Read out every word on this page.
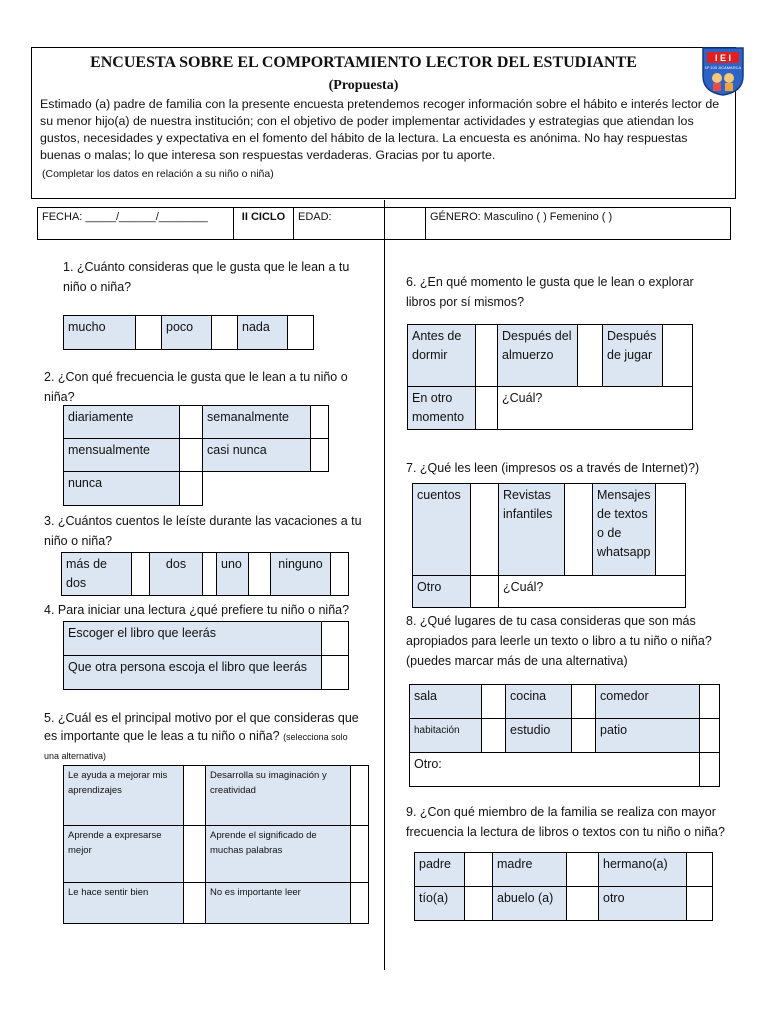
ENCUESTA SOBRE EL COMPORTAMIENTO LECTOR DEL ESTUDIANTE
(Propuesta)
Estimado (a) padre de familia con la presente encuesta pretendemos recoger información sobre el hábito e interés lector de su menor hijo(a) de nuestra institución; con el objetivo de poder implementar actividades y estrategias que atiendan los gustos, necesidades y expectativa en el fomento del hábito de la lectura. La encuesta es anónima. No hay respuestas buenas o malas; lo que interesa son respuestas verdaderas. Gracias por tu aporte.
(Completar los datos en relación a su niño o niña)
I E I
Nº 100 JICAMARCA
FECHA: _____/______/________	II CICLO	EDAD:	GÉNERO: Masculino ( ) Femenino ( )
1. ¿Cuánto consideras que le gusta que le lean a tu niño o niña?
mucho		poco		nada	
2. ¿Con qué frecuencia le gusta que le lean a tu niño o niña?
diariamente		semanalmente	
mensualmente		casi nunca	
nunca			
3. ¿Cuántos cuentos le leíste durante las vacaciones a tu niño o niña?
más de dos		dos		uno		ninguno	
4. Para iniciar una lectura ¿qué prefiere tu niño o niña?
Escoger el libro que leerás	
Que otra persona escoja el libro que leerás	
5. ¿Cuál es el principal motivo por el que consideras que es importante que le leas a tu niño o niña? (selecciona solo una alternativa)
Le ayuda a mejorar mis aprendizajes		Desarrolla su imaginación y creatividad	
Aprende a expresarse mejor		Aprende el significado de muchas palabras	
Le hace sentir bien		No es importante leer	
6. ¿En qué momento le gusta que le lean o explorar libros por sí mismos?
Antes de dormir		Después del almuerzo		Después de jugar	
En otro momento		¿Cuál?			
7. ¿Qué les leen (impresos os a través de Internet)?)
cuentos		Revistas infantiles		Mensajes de textos o de whatsapp	
Otro		¿Cuál?			
8. ¿Qué lugares de tu casa consideras que son más apropiados para leerle un texto o libro a tu niño o niña? (puedes marcar más de una alternativa)
sala		cocina		comedor	
habitación		estudio		patio	
Otro:					
9. ¿Con qué miembro de la familia se realiza con mayor frecuencia la lectura de libros o textos con tu niño o niña?
padre		madre		hermano(a)	
tío(a)		abuelo (a)		otro	
